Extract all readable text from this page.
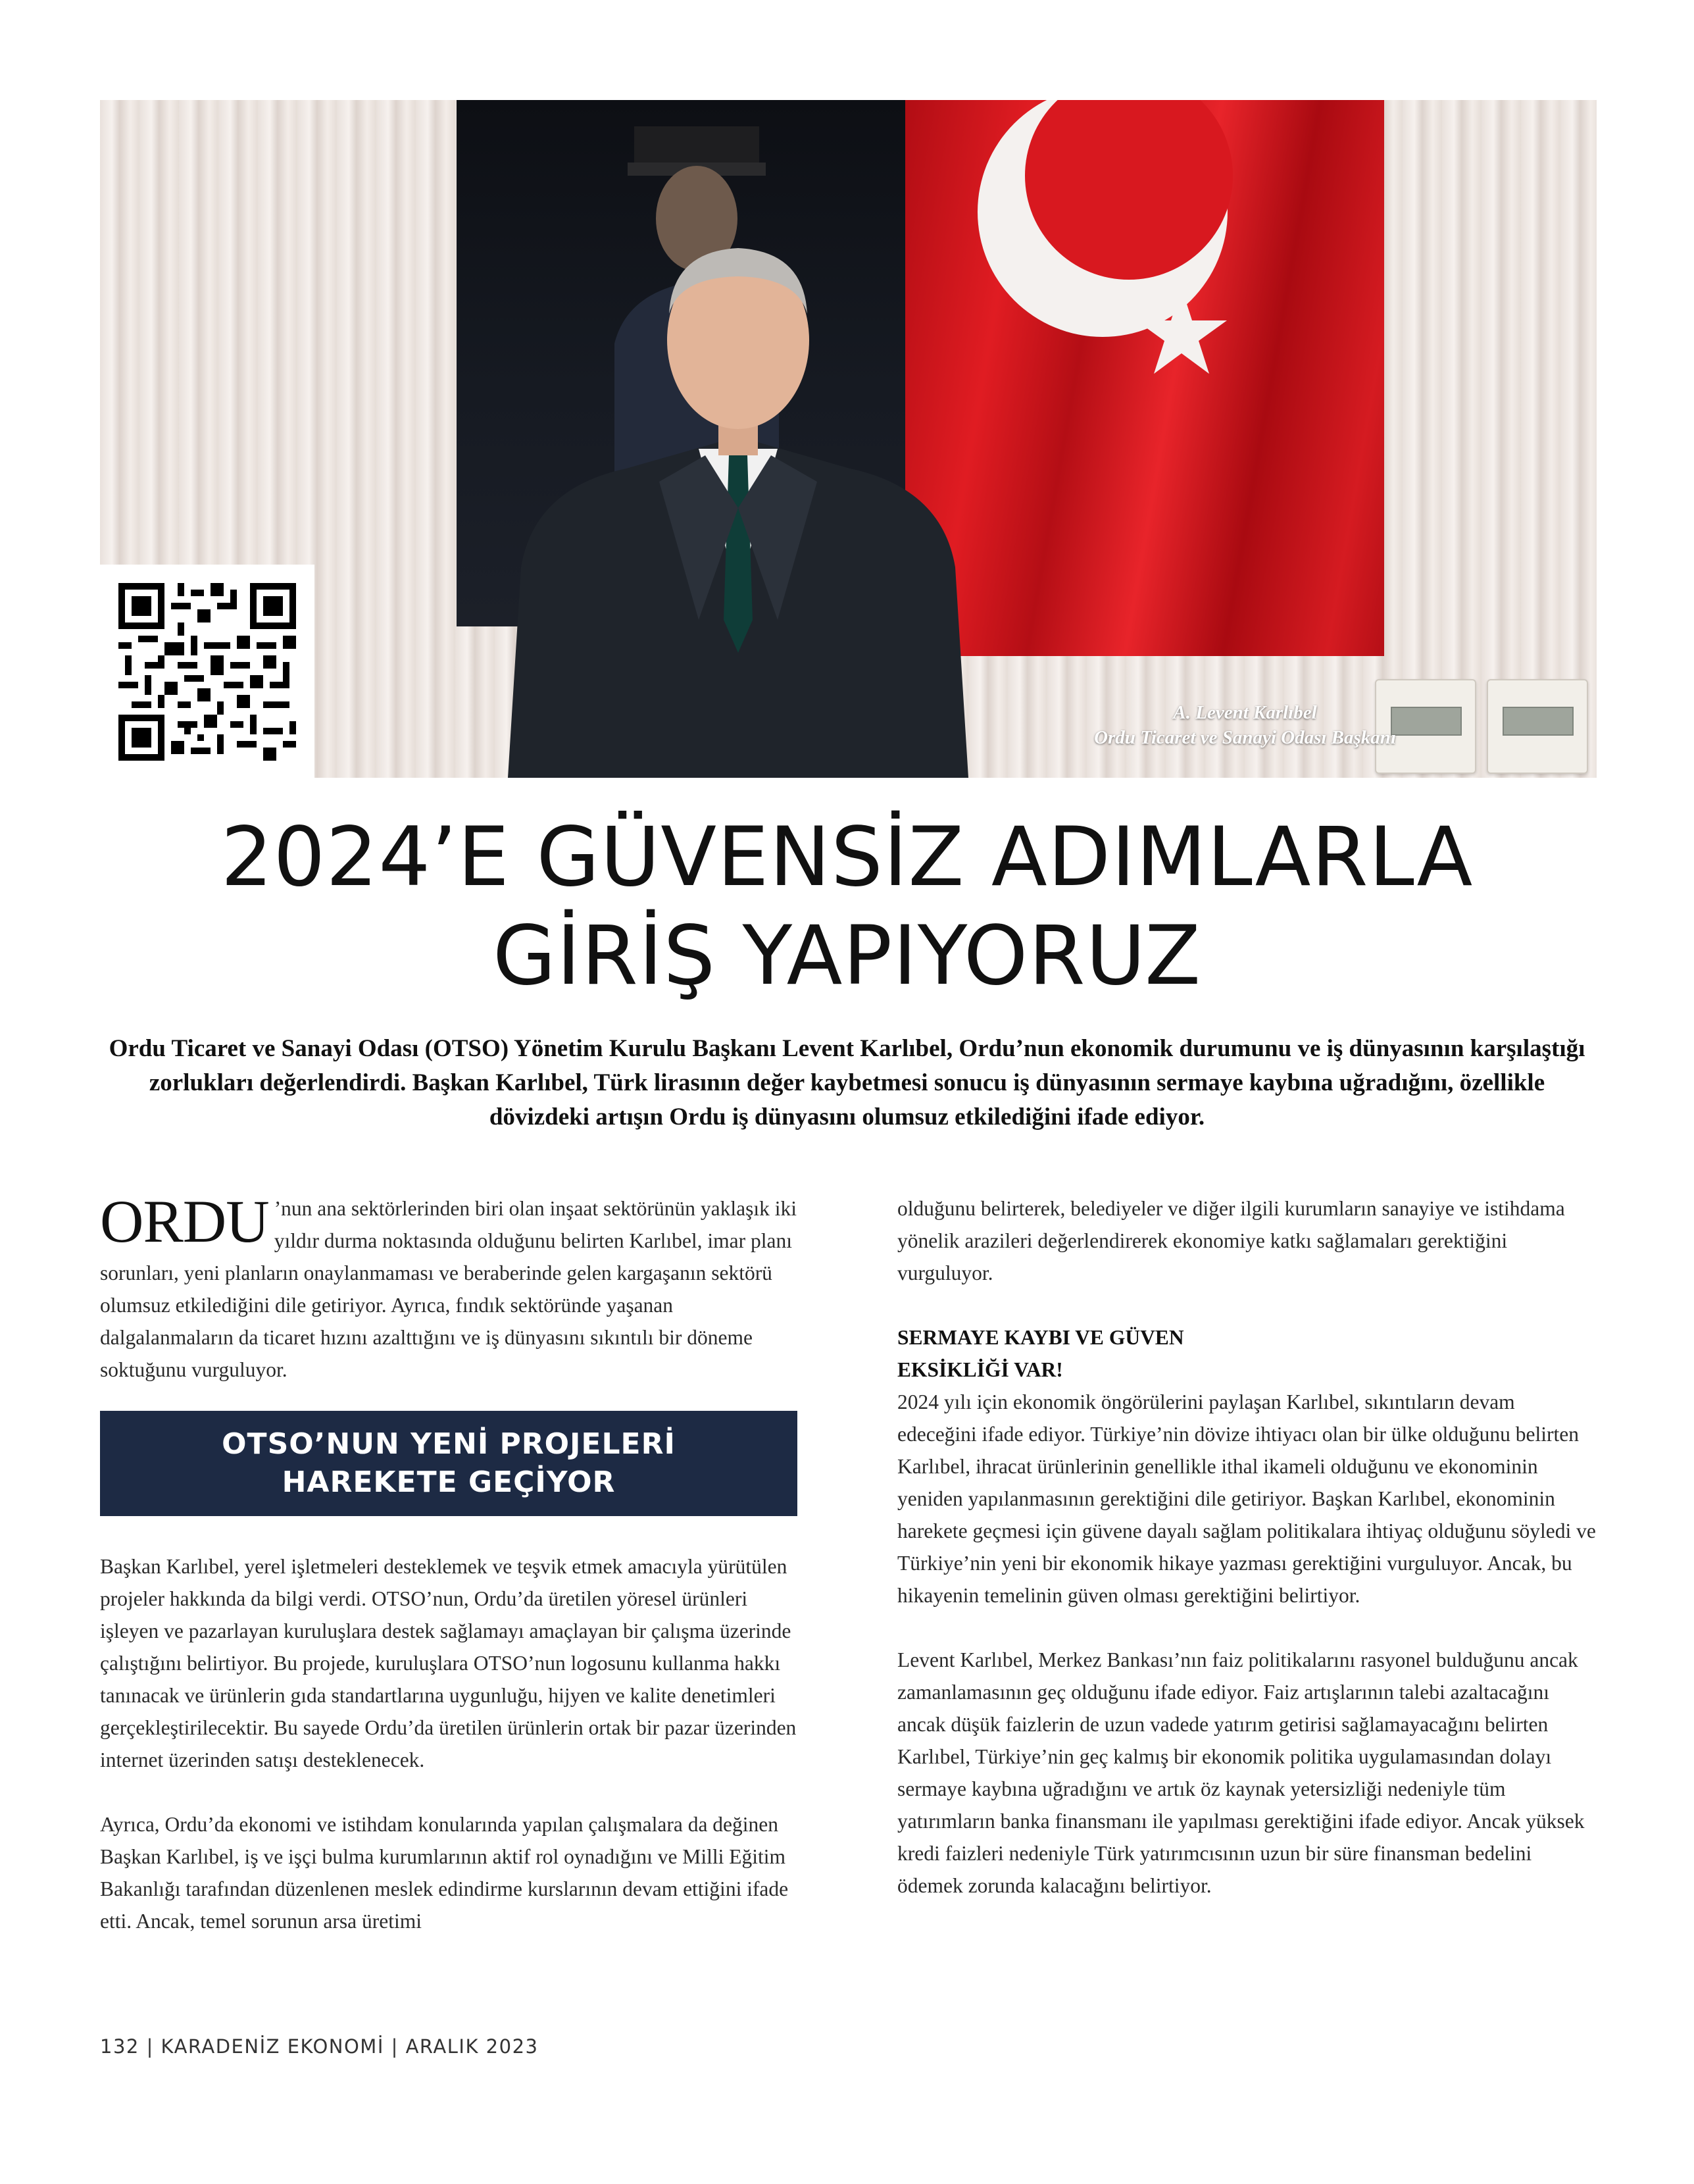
A. Levent Karlıbel
Ordu Ticaret ve Sanayi Odası Başkanı
2024’E GÜVENSİZ ADIMLARLA
GİRİŞ YAPIYORUZ
Ordu Ticaret ve Sanayi Odası (OTSO) Yönetim Kurulu Başkanı Levent Karlıbel, Ordu’nun ekonomik durumunu ve iş dünyasının karşılaştığı zorlukları değerlendirdi. Başkan Karlıbel, Türk lirasının değer kaybetmesi sonucu iş dünyasının sermaye kaybına uğradığını, özellikle dövizdeki artışın Ordu iş dünyasını olumsuz etkilediğini ifade ediyor.

ORDU ’nun ana sektörlerinden biri olan inşaat sektörünün yaklaşık iki yıldır durma noktasında olduğunu belirten Karlıbel, imar planı sorunları, yeni planların onaylanmaması ve beraberinde gelen kargaşanın sektörü olumsuz etkilediğini dile getiriyor. Ayrıca, fındık sektöründe yaşanan dalgalanmaların da ticaret hızını azalttığını ve iş dünyasını sıkıntılı bir döneme soktuğunu vurguluyor.

OTSO’NUN YENİ PROJELERİ
HAREKETE GEÇİYOR

Başkan Karlıbel, yerel işletmeleri desteklemek ve teşvik etmek amacıyla yürütülen projeler hakkında da bilgi verdi. OTSO’nun, Ordu’da üretilen yöresel ürünleri işleyen ve pazarlayan kuruluşlara destek sağlamayı amaçlayan bir çalışma üzerinde çalıştığını belirtiyor. Bu projede, kuruluşlara OTSO’nun logosunu kullanma hakkı tanınacak ve ürünlerin gıda standartlarına uygunluğu, hijyen ve kalite denetimleri gerçekleştirilecektir. Bu sayede Ordu’da üretilen ürünlerin ortak bir pazar üzerinden internet üzerinden satışı desteklenecek.

Ayrıca, Ordu’da ekonomi ve istihdam konularında yapılan çalışmalara da değinen Başkan Karlıbel, iş ve işçi bulma kurumlarının aktif rol oynadığını ve Milli Eğitim Bakanlığı tarafından düzenlenen meslek edindirme kurslarının devam ettiğini ifade etti. Ancak, temel sorunun arsa üretimi

olduğunu belirterek, belediyeler ve diğer ilgili kurumların sanayiye ve istihdama yönelik arazileri değerlendirerek ekonomiye katkı sağlamaları gerektiğini vurguluyor.

SERMAYE KAYBI VE GÜVEN
EKSİKLİĞİ VAR!

2024 yılı için ekonomik öngörülerini paylaşan Karlıbel, sıkıntıların devam edeceğini ifade ediyor. Türkiye’nin dövize ihtiyacı olan bir ülke olduğunu belirten Karlıbel, ihracat ürünlerinin genellikle ithal ikameli olduğunu ve ekonominin yeniden yapılanmasının gerektiğini dile getiriyor. Başkan Karlıbel, ekonominin harekete geçmesi için güvene dayalı sağlam politikalara ihtiyaç olduğunu söyledi ve Türkiye’nin yeni bir ekonomik hikaye yazması gerektiğini vurguluyor. Ancak, bu hikayenin temelinin güven olması gerektiğini belirtiyor.

Levent Karlıbel, Merkez Bankası’nın faiz politikalarını rasyonel bulduğunu ancak zamanlamasının geç olduğunu ifade ediyor. Faiz artışlarının talebi azaltacağını ancak düşük faizlerin de uzun vadede yatırım getirisi sağlamayacağını belirten Karlıbel, Türkiye’nin geç kalmış bir ekonomik politika uygulamasından dolayı sermaye kaybına uğradığını ve artık öz kaynak yetersizliği nedeniyle tüm yatırımların banka finansmanı ile yapılması gerektiğini ifade ediyor. Ancak yüksek kredi faizleri nedeniyle Türk yatırımcısının uzun bir süre finansman bedelini ödemek zorunda kalacağını belirtiyor.

132 | KARADENİZ EKONOMİ | ARALIK 2023
